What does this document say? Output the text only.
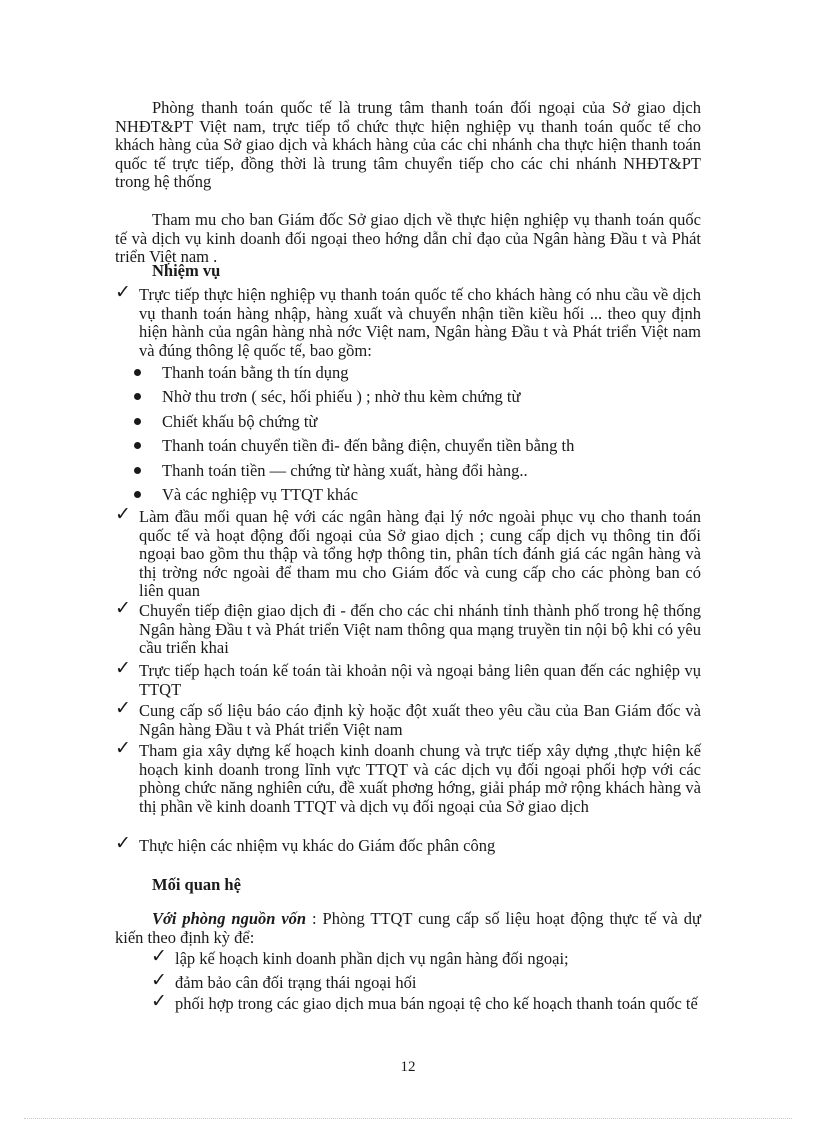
Phòng thanh toán quốc tế là trung tâm thanh toán đối ngoại của Sở giao dịch NHĐT&PT Việt nam, trực tiếp tổ chức thực hiện nghiệp vụ thanh toán quốc tế cho khách hàng của Sở giao dịch và khách hàng của các chi nhánh cha thực hiện thanh toán quốc tế trực tiếp, đồng thời là trung tâm chuyển tiếp cho các chi nhánh NHĐT&PT trong hệ thống

Tham mu cho ban Giám đốc Sở giao dịch về thực hiện nghiệp vụ thanh toán quốc tế và dịch vụ kinh doanh đối ngoại theo hớng dẫn chỉ đạo của Ngân hàng Đầu t và Phát triển Việt nam .

Nhiệm vụ

✓ Trực tiếp thực hiện nghiệp vụ thanh toán quốc tế cho khách hàng có nhu cầu về dịch vụ thanh toán hàng nhập, hàng xuất và chuyển nhận tiền kiều hối ... theo quy định hiện hành của ngân hàng nhà nớc Việt nam, Ngân hàng Đầu t và Phát triển Việt nam và đúng thông lệ quốc tế, bao gồm:
Thanh toán bằng th tín dụng
Nhờ thu trơn ( séc, hối phiếu ) ; nhờ thu kèm chứng từ
Chiết khấu bộ chứng từ
Thanh toán chuyển tiền đi- đến bằng điện, chuyển tiền bằng th
Thanh toán tiền — chứng từ hàng xuất, hàng đổi hàng..
Và các nghiệp vụ TTQT khác
✓ Làm đầu mối quan hệ với các ngân hàng đại lý nớc ngoài phục vụ cho thanh toán quốc tế và hoạt động đối ngoại của Sở giao dịch ; cung cấp dịch vụ thông tin đối ngoại bao gồm thu thập và tổng hợp thông tin, phân tích đánh giá các ngân hàng và thị trờng nớc ngoài để tham mu cho Giám đốc và cung cấp cho các phòng ban có liên quan
✓ Chuyển tiếp điện giao dịch đi - đến cho các chi nhánh tỉnh thành phố trong hệ thống Ngân hàng Đầu t và Phát triển Việt nam thông qua mạng truyền tin nội bộ khi có yêu cầu triển khai
✓ Trực tiếp hạch toán kế toán tài khoản nội và ngoại bảng liên quan đến các nghiệp vụ TTQT
✓ Cung cấp số liệu báo cáo định kỳ hoặc đột xuất theo yêu cầu của Ban Giám đốc và Ngân hàng Đầu t và Phát triển Việt nam
✓ Tham gia xây dựng kế hoạch kinh doanh chung và trực tiếp xây dựng ,thực hiện kế hoạch kinh doanh trong lĩnh vực TTQT và các dịch vụ đối ngoại phối hợp với các phòng chức năng nghiên cứu, đề xuất phơng hớng, giải pháp mở rộng khách hàng và thị phần về kinh doanh TTQT và dịch vụ đối ngoại của Sở giao dịch
✓ Thực hiện các nhiệm vụ khác do Giám đốc phân công

Mối quan hệ

Với phòng nguồn vốn : Phòng TTQT cung cấp số liệu hoạt động thực tế và dự kiến theo định kỳ để:

✓ lập kế hoạch kinh doanh phần dịch vụ ngân hàng đối ngoại;
✓ đảm bảo cân đối trạng thái ngoại hối
✓ phối hợp trong các giao dịch mua bán ngoại tệ cho kế hoạch thanh toán quốc tế
12
